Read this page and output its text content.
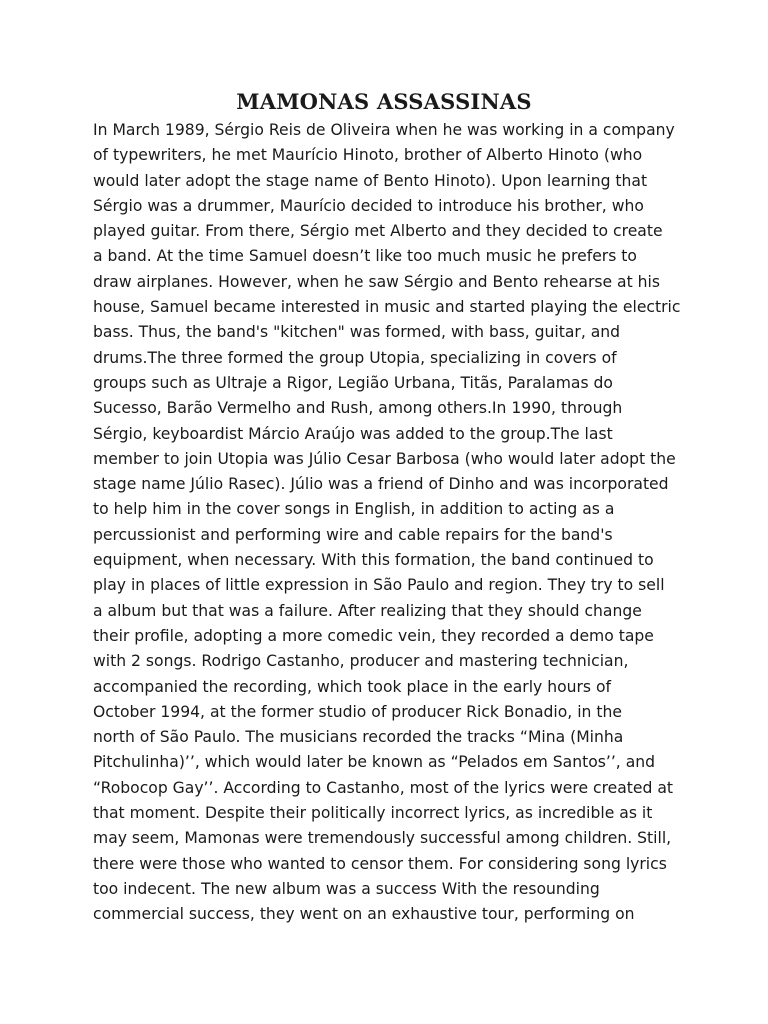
MAMONAS ASSASSINAS

In March 1989, Sérgio Reis de Oliveira when he was working in a company

of typewriters, he met Maurício Hinoto, brother of Alberto Hinoto (who

would later adopt the stage name of Bento Hinoto). Upon learning that

Sérgio was a drummer, Maurício decided to introduce his brother, who

played guitar. From there, Sérgio met Alberto and they decided to create

a band. At the time Samuel doesn’t like too much music he prefers to

draw airplanes. However, when he saw Sérgio and Bento rehearse at his

house, Samuel became interested in music and started playing the electric

bass. Thus, the band's "kitchen" was formed, with bass, guitar, and

drums.The three formed the group Utopia, specializing in covers of

groups such as Ultraje a Rigor, Legião Urbana, Titãs, Paralamas do

Sucesso, Barão Vermelho and Rush, among others.In 1990, through

Sérgio, keyboardist Márcio Araújo was added to the group.The last

member to join Utopia was Júlio Cesar Barbosa (who would later adopt the

stage name Júlio Rasec). Júlio was a friend of Dinho and was incorporated

to help him in the cover songs in English, in addition to acting as a

percussionist and performing wire and cable repairs for the band's

equipment, when necessary. With this formation, the band continued to

play in places of little expression in São Paulo and region. They try to sell

a album but that was a failure. After realizing that they should change

their profile, adopting a more comedic vein, they recorded a demo tape

with 2 songs. Rodrigo Castanho, producer and mastering technician,

accompanied the recording, which took place in the early hours of

October 1994, at the former studio of producer Rick Bonadio, in the

north of São Paulo. The musicians recorded the tracks “Mina (Minha

Pitchulinha)’’, which would later be known as “Pelados em Santos’’, and

“Robocop Gay’’. According to Castanho, most of the lyrics were created at

that moment. Despite their politically incorrect lyrics, as incredible as it

may seem, Mamonas were tremendously successful among children. Still,

there were those who wanted to censor them. For considering song lyrics

too indecent. The new album was a success With the resounding

commercial success, they went on an exhaustive tour, performing on
